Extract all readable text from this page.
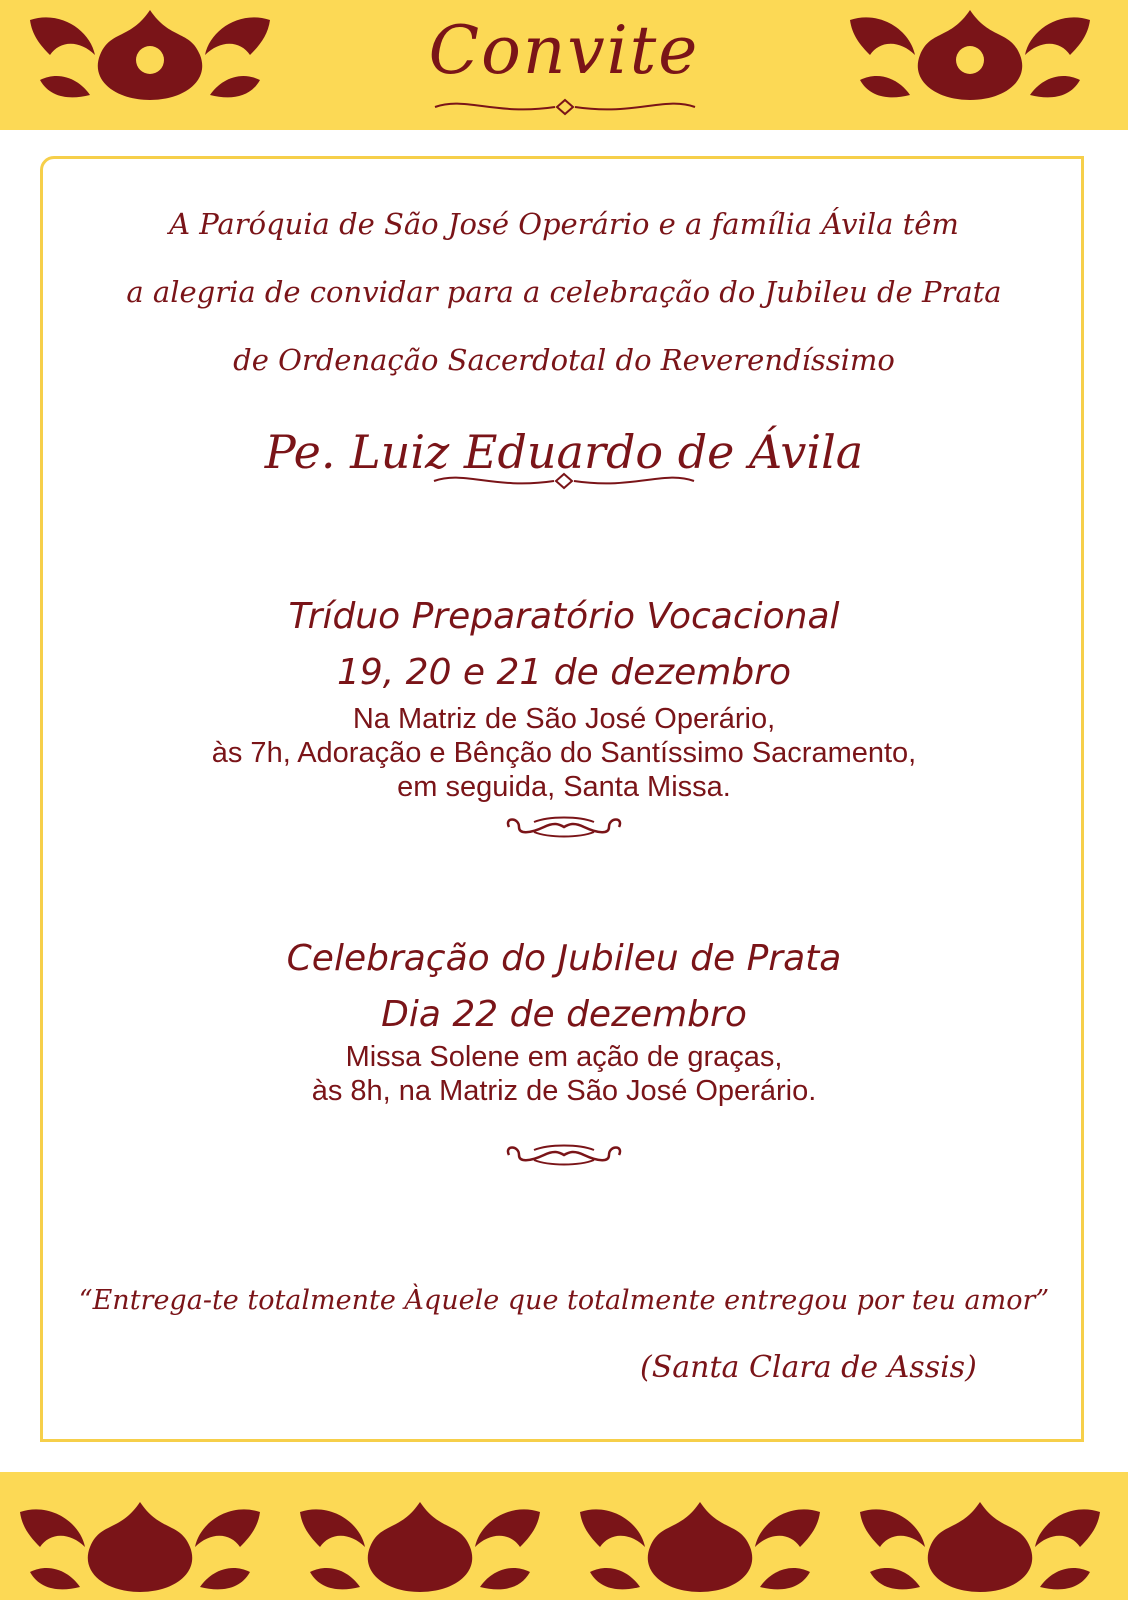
Convite
A Paróquia de São José Operário e a família Ávila têm
a alegria de convidar para a celebração do Jubileu de Prata
de Ordenação Sacerdotal do Reverendíssimo
Pe. Luiz Eduardo de Ávila
Tríduo Preparatório Vocacional
19, 20 e 21 de dezembro
Na Matriz de São José Operário,
às 7h, Adoração e Bênção do Santíssimo Sacramento,
em seguida, Santa Missa.
Celebração do Jubileu de Prata
Dia 22 de dezembro
Missa Solene em ação de graças,
às 8h, na Matriz de São José Operário.
“Entrega-te totalmente Àquele que totalmente entregou por teu amor”
(Santa Clara de Assis)
